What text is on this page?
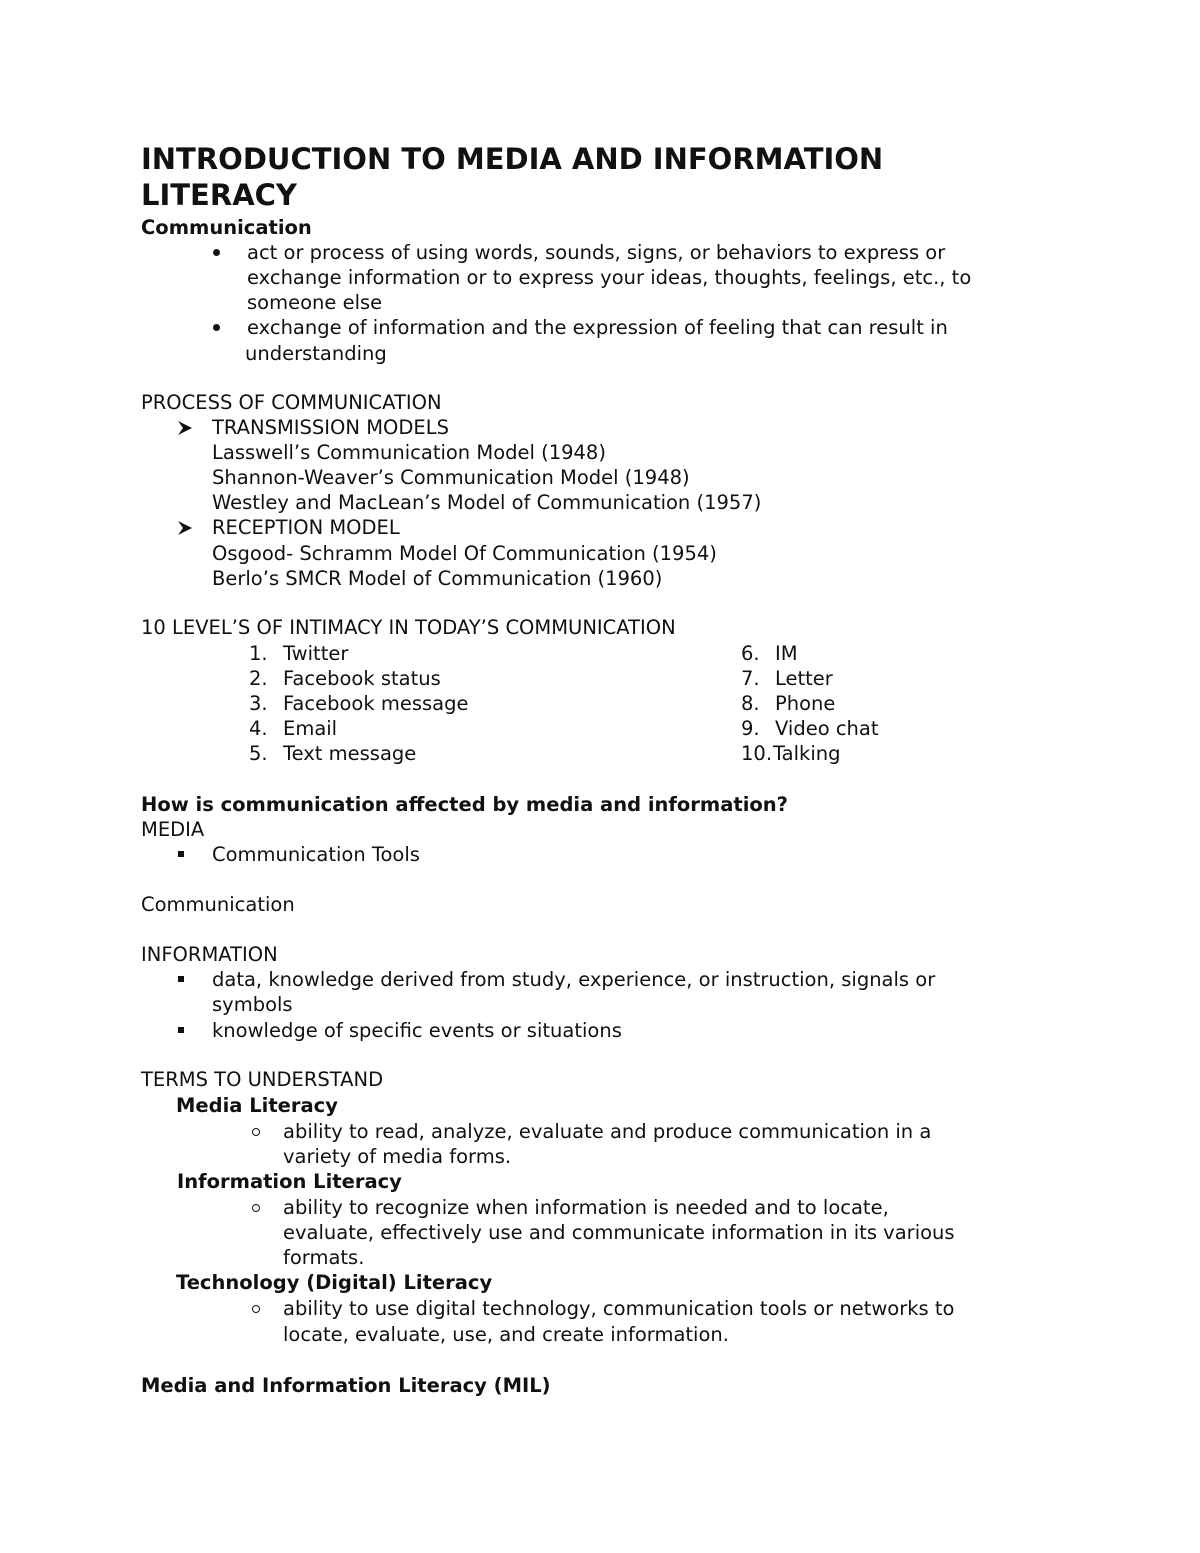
INTRODUCTION TO MEDIA AND INFORMATION
LITERACY
Communication
act or process of using words, sounds, signs, or behaviors to express or
exchange information or to express your ideas, thoughts, feelings, etc., to
someone else
exchange of information and the expression of feeling that can result in
understanding
PROCESS OF COMMUNICATION
TRANSMISSION MODELS
Lasswell’s Communication Model (1948)
Shannon-Weaver’s Communication Model (1948)
Westley and MacLean’s Model of Communication (1957)
RECEPTION MODEL
Osgood- Schramm Model Of Communication (1954)
Berlo’s SMCR Model of Communication (1960)
10 LEVEL’S OF INTIMACY IN TODAY’S COMMUNICATION
1. Twitter
2. Facebook status
3. Facebook message
4. Email
5. Text message
6. IM
7. Letter
8. Phone
9. Video chat
10. Talking
How is communication affected by media and information?
MEDIA
Communication Tools
Communication
INFORMATION
data, knowledge derived from study, experience, or instruction, signals or
symbols
knowledge of specific events or situations
TERMS TO UNDERSTAND
Media Literacy
ability to read, analyze, evaluate and produce communication in a
variety of media forms.
Information Literacy
ability to recognize when information is needed and to locate,
evaluate, effectively use and communicate information in its various
formats.
Technology (Digital) Literacy
ability to use digital technology, communication tools or networks to
locate, evaluate, use, and create information.
Media and Information Literacy (MIL)
